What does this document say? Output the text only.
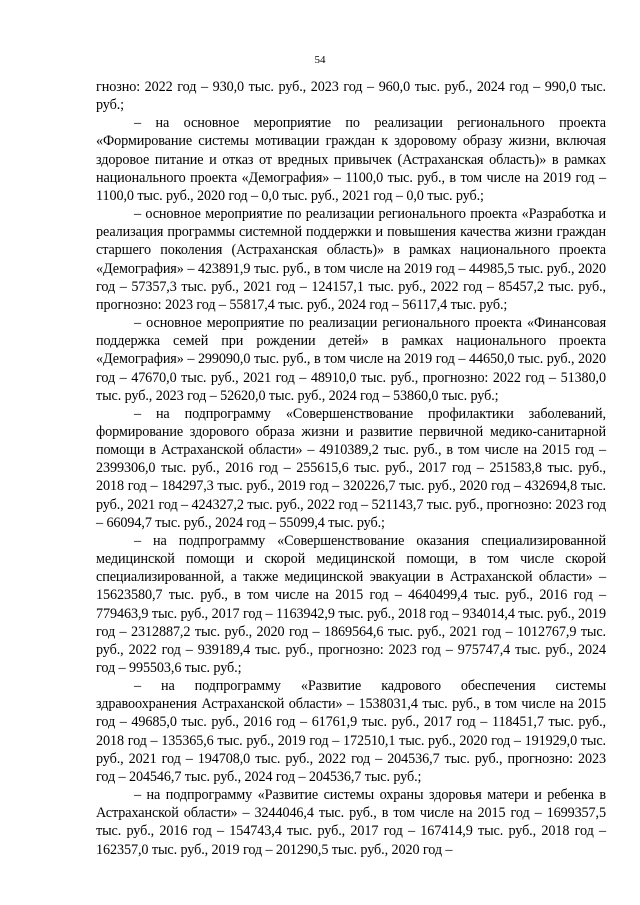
54

гнозно: 2022 год – 930,0 тыс. руб., 2023 год – 960,0 тыс. руб., 2024 год – 990,0 тыс. руб.;

– на основное мероприятие по реализации регионального проекта «Формирование системы мотивации граждан к здоровому образу жизни, включая здоровое питание и отказ от вредных привычек (Астраханская область)» в рамках национального проекта «Демография» – 1100,0 тыс. руб., в том числе на 2019 год – 1100,0 тыс. руб., 2020 год – 0,0 тыс. руб., 2021 год – 0,0 тыс. руб.;

– основное мероприятие по реализации регионального проекта «Разработка и реализация программы системной поддержки и повышения качества жизни граждан старшего поколения (Астраханская область)» в рамках национального проекта «Демография» – 423891,9 тыс. руб., в том числе на 2019 год – 44985,5 тыс. руб., 2020 год – 57357,3 тыс. руб., 2021 год – 124157,1 тыс. руб., 2022 год – 85457,2 тыс. руб., прогнозно: 2023 год – 55817,4 тыс. руб., 2024 год – 56117,4 тыс. руб.;

– основное мероприятие по реализации регионального проекта «Финансовая поддержка семей при рождении детей» в рамках национального проекта «Демография» – 299090,0 тыс. руб., в том числе на 2019 год – 44650,0 тыс. руб., 2020 год – 47670,0 тыс. руб., 2021 год – 48910,0 тыс. руб., прогнозно: 2022 год – 51380,0 тыс. руб., 2023 год – 52620,0 тыс. руб., 2024 год – 53860,0 тыс. руб.;

– на подпрограмму «Совершенствование профилактики заболеваний, формирование здорового образа жизни и развитие первичной медико-санитарной помощи в Астраханской области» – 4910389,2 тыс. руб., в том числе на 2015 год – 2399306,0 тыс. руб., 2016 год – 255615,6 тыс. руб., 2017 год – 251583,8 тыс. руб., 2018 год – 184297,3 тыс. руб., 2019 год – 320226,7 тыс. руб., 2020 год – 432694,8 тыс. руб., 2021 год – 424327,2 тыс. руб., 2022 год – 521143,7 тыс. руб., прогнозно: 2023 год – 66094,7 тыс. руб., 2024 год – 55099,4 тыс. руб.;

– на подпрограмму «Совершенствование оказания специализированной медицинской помощи и скорой медицинской помощи, в том числе скорой специализированной, а также медицинской эвакуации в Астраханской области» – 15623580,7 тыс. руб., в том числе на 2015 год – 4640499,4 тыс. руб., 2016 год – 779463,9 тыс. руб., 2017 год – 1163942,9 тыс. руб., 2018 год – 934014,4 тыс. руб., 2019 год – 2312887,2 тыс. руб., 2020 год – 1869564,6 тыс. руб., 2021 год – 1012767,9 тыс. руб., 2022 год – 939189,4 тыс. руб., прогнозно: 2023 год – 975747,4 тыс. руб., 2024 год – 995503,6 тыс. руб.;

– на подпрограмму «Развитие кадрового обеспечения системы здравоохранения Астраханской области» – 1538031,4 тыс. руб., в том числе на 2015 год – 49685,0 тыс. руб., 2016 год – 61761,9 тыс. руб., 2017 год – 118451,7 тыс. руб., 2018 год – 135365,6 тыс. руб., 2019 год – 172510,1 тыс. руб., 2020 год – 191929,0 тыс. руб., 2021 год – 194708,0 тыс. руб., 2022 год – 204536,7 тыс. руб., прогнозно: 2023 год – 204546,7 тыс. руб., 2024 год – 204536,7 тыс. руб.;

– на подпрограмму «Развитие системы охраны здоровья матери и ребенка в Астраханской области» – 3244046,4 тыс. руб., в том числе на 2015 год – 1699357,5 тыс. руб., 2016 год – 154743,4 тыс. руб., 2017 год – 167414,9 тыс. руб., 2018 год – 162357,0 тыс. руб., 2019 год – 201290,5 тыс. руб., 2020 год –
